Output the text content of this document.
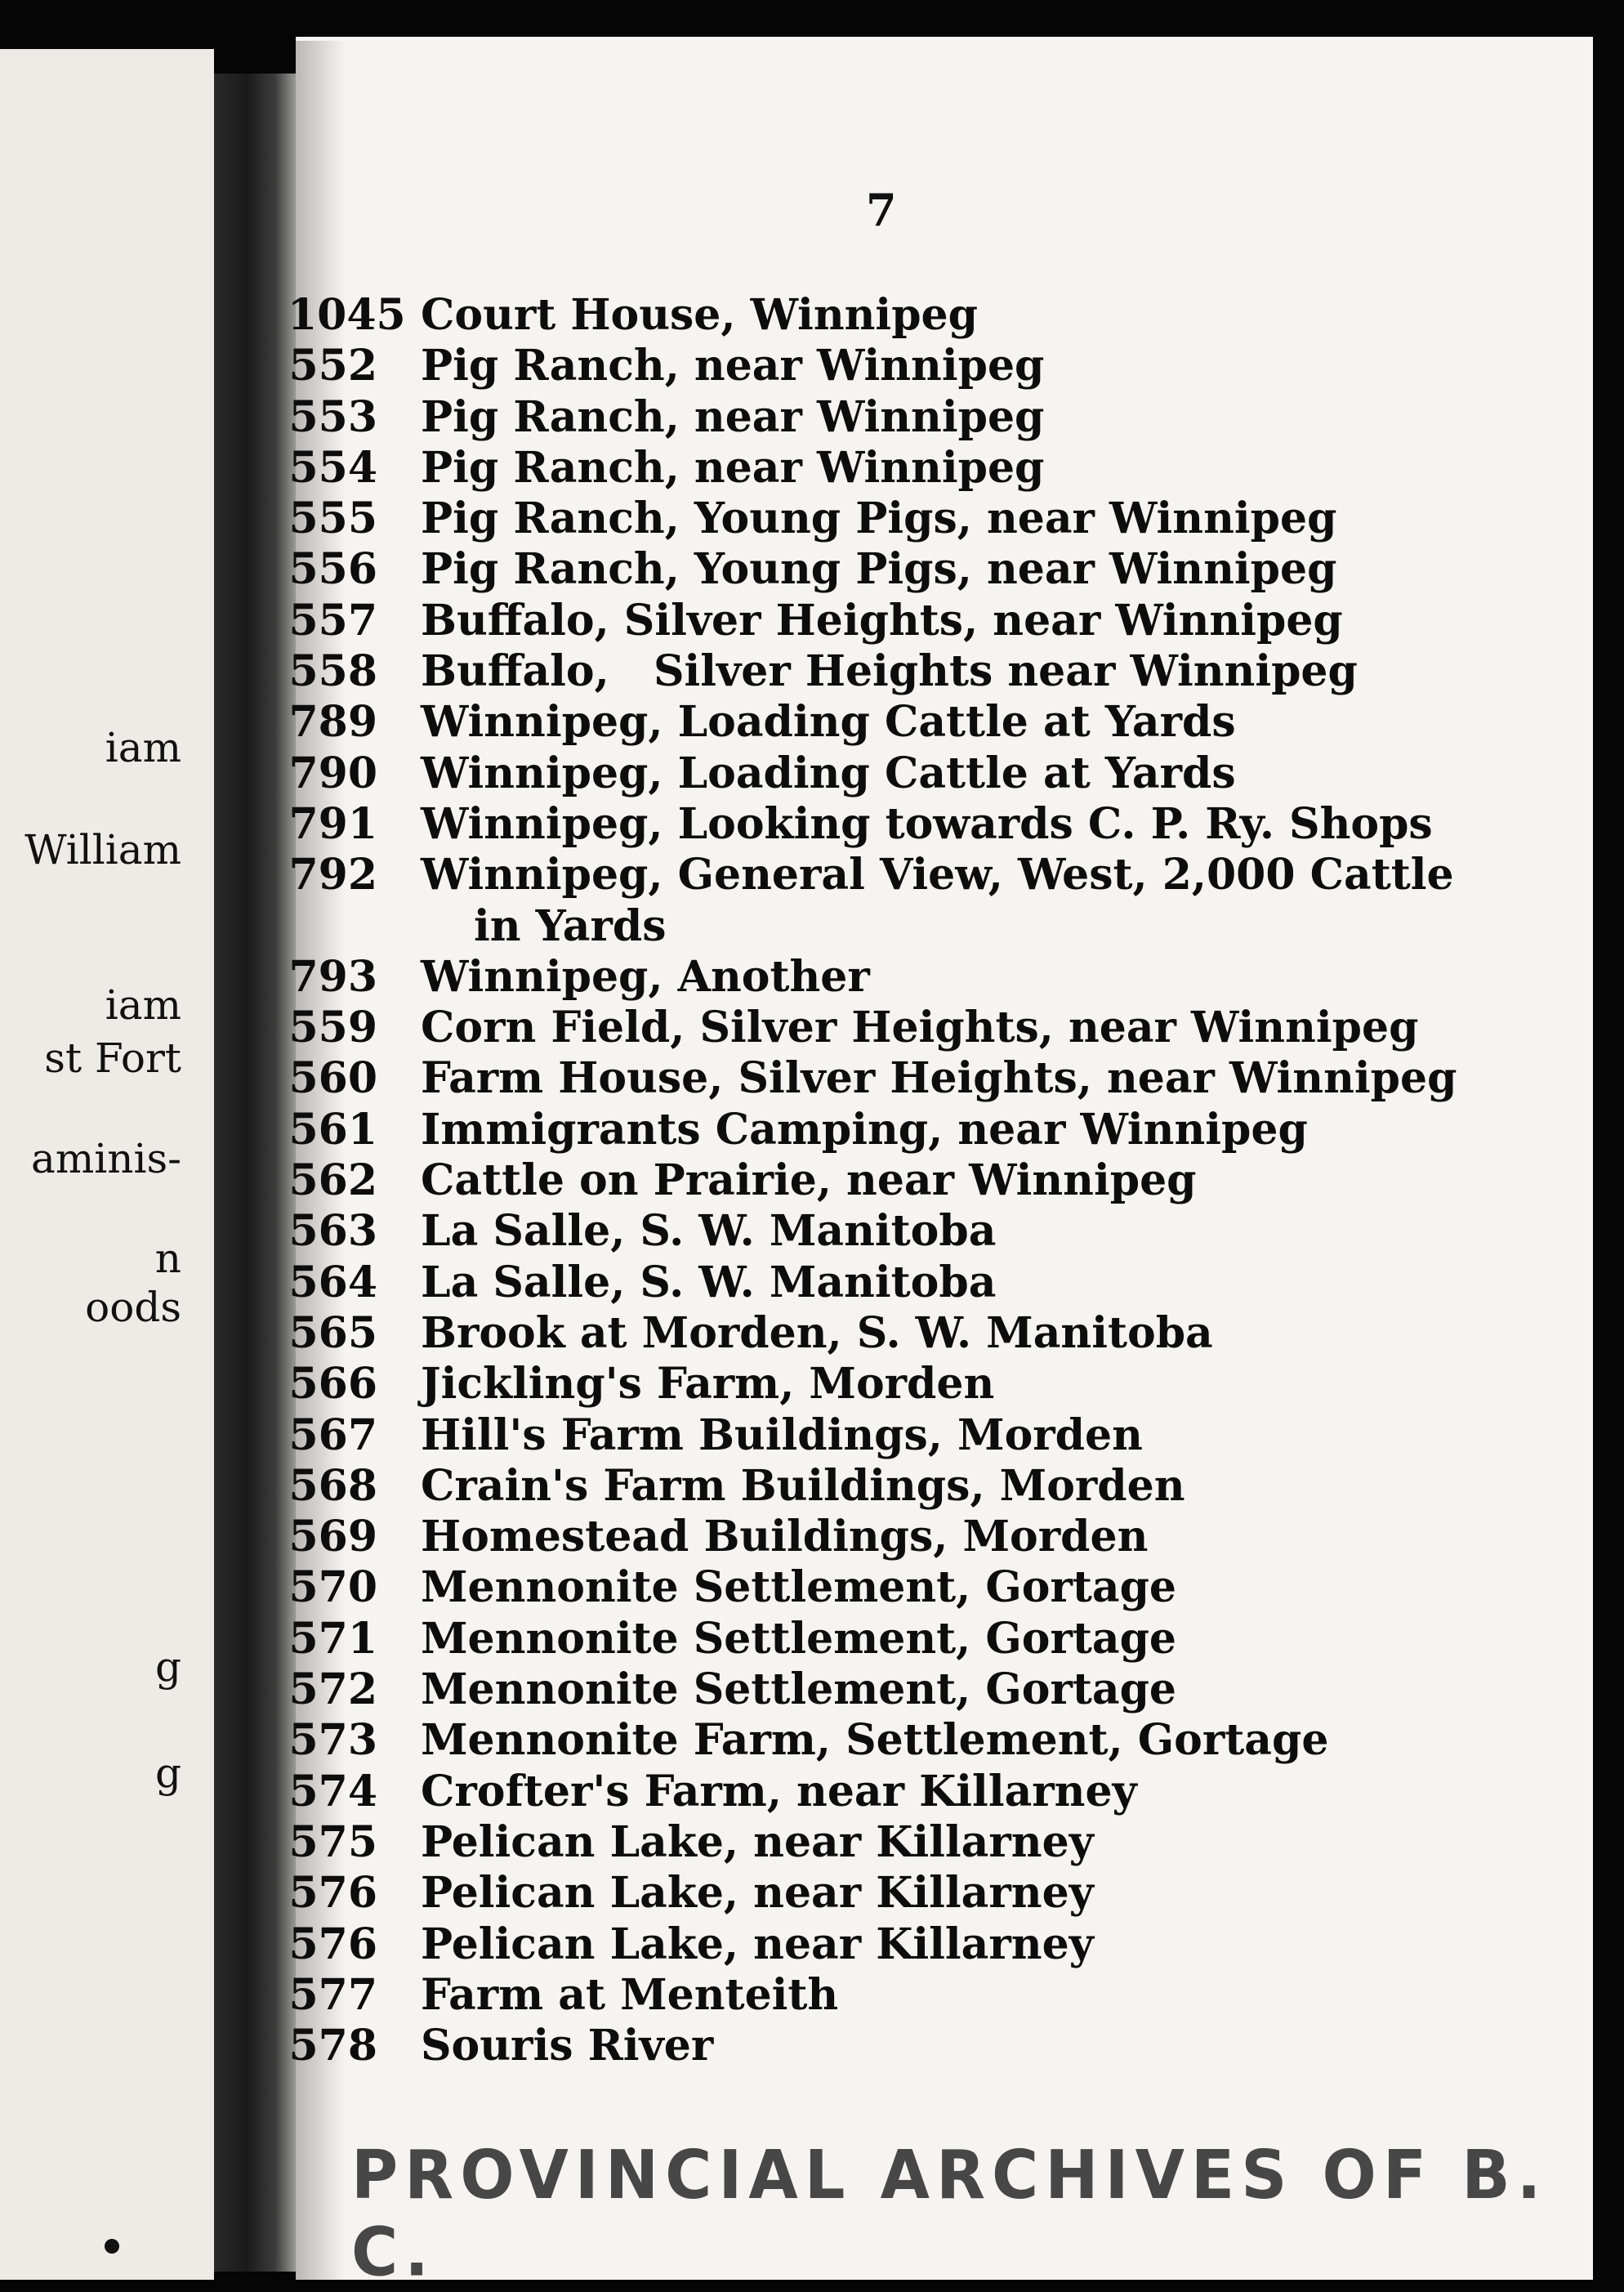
iam
William
iam
st Fort
aminis-
n
oods
g
g
7
1045 Court House, Winnipeg
552 Pig Ranch, near Winnipeg
553 Pig Ranch, near Winnipeg
554 Pig Ranch, near Winnipeg
555 Pig Ranch, Young Pigs, near Winnipeg
556 Pig Ranch, Young Pigs, near Winnipeg
557 Buffalo, Silver Heights, near Winnipeg
558 Buffalo,   Silver Heights near Winnipeg
789 Winnipeg, Loading Cattle at Yards
790 Winnipeg, Loading Cattle at Yards
791 Winnipeg, Looking towards C. P. Ry. Shops
792 Winnipeg, General View, West, 2,000 Cattle
in Yards
793 Winnipeg, Another
559 Corn Field, Silver Heights, near Winnipeg
560 Farm House, Silver Heights, near Winnipeg
561 Immigrants Camping, near Winnipeg
562 Cattle on Prairie, near Winnipeg
563 La Salle, S. W. Manitoba
564 La Salle, S. W. Manitoba
565 Brook at Morden, S. W. Manitoba
566 Jickling's Farm, Morden
567 Hill's Farm Buildings, Morden
568 Crain's Farm Buildings, Morden
569 Homestead Buildings, Morden
570 Mennonite Settlement, Gortage
571 Mennonite Settlement, Gortage
572 Mennonite Settlement, Gortage
573 Mennonite Farm, Settlement, Gortage
574 Crofter's Farm, near Killarney
575 Pelican Lake, near Killarney
576 Pelican Lake, near Killarney
576 Pelican Lake, near Killarney
577 Farm at Menteith
578 Souris River
PROVINCIAL ARCHIVES OF B. C.
